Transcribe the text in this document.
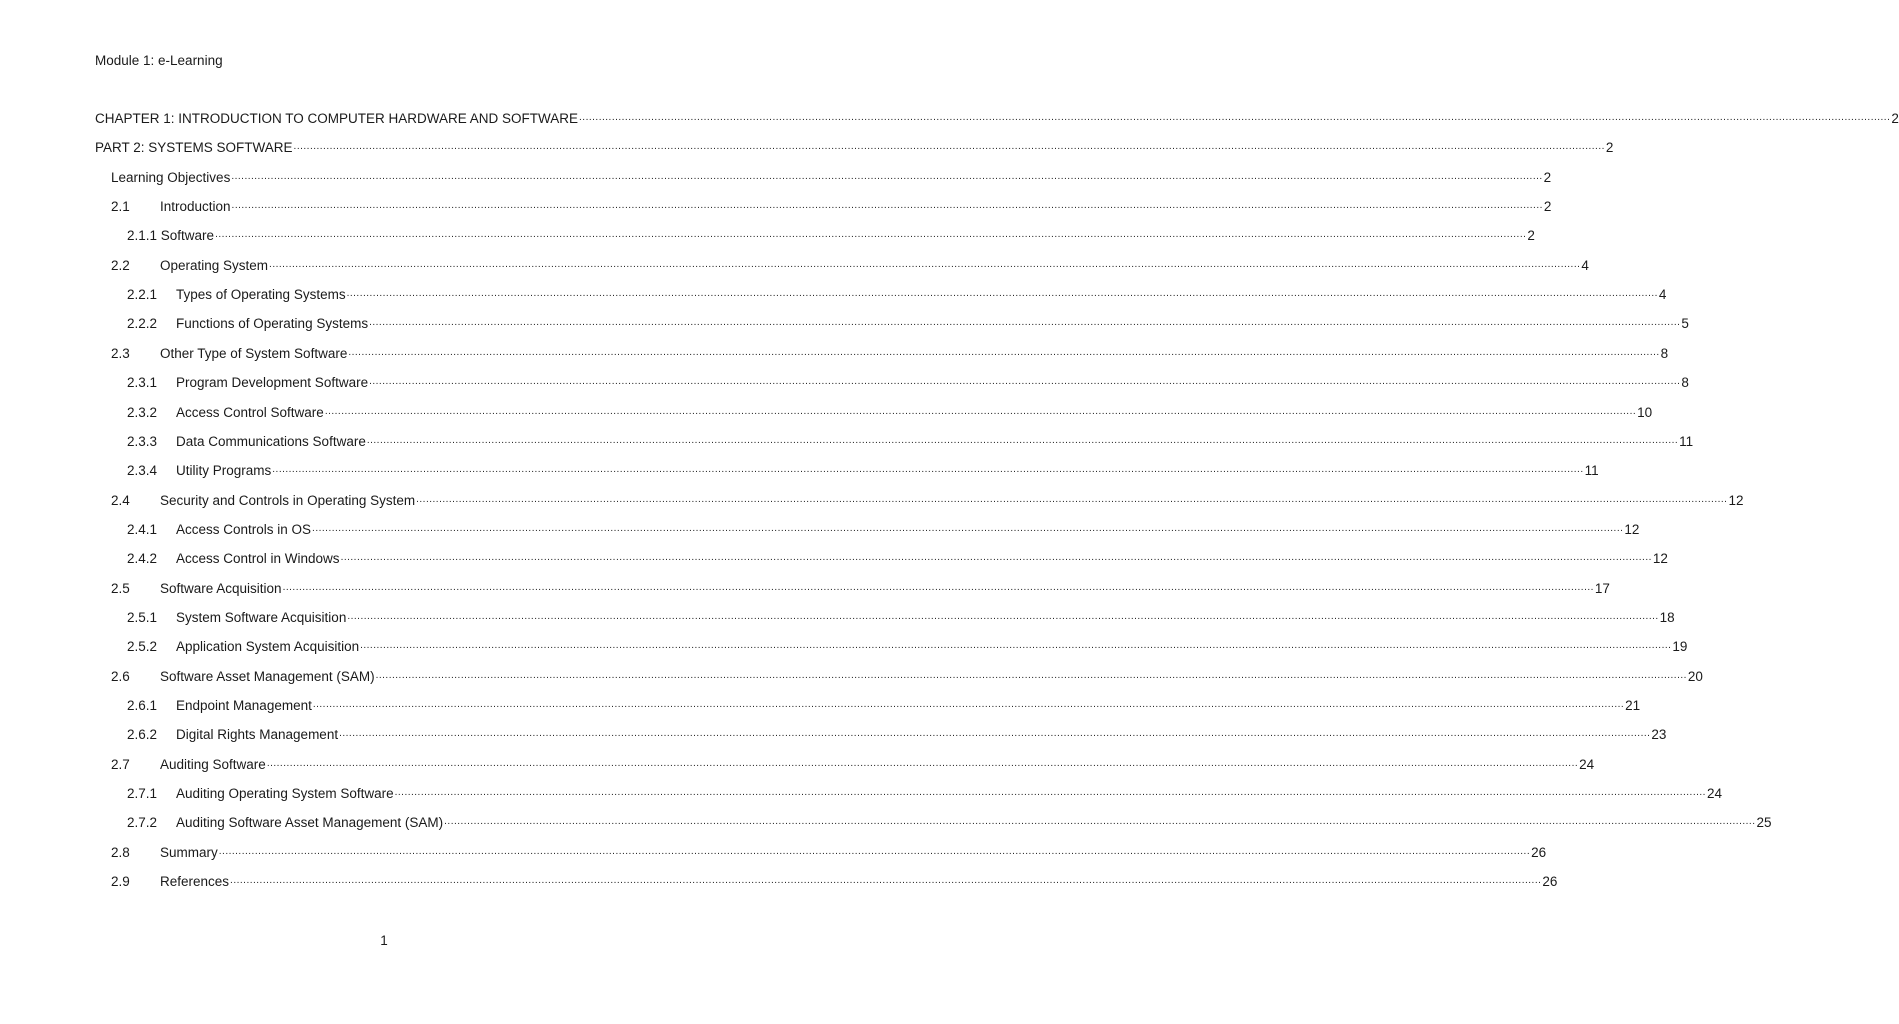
Module 1: e-Learning
CHAPTER 1: INTRODUCTION TO COMPUTER HARDWARE AND SOFTWARE ................................................................................................................................................................................................................................................................................................................................................................................................................ 2
PART 2: SYSTEMS SOFTWARE ................................................................................................................................................................................................................................................................................................................................................................................................................ 2
Learning Objectives ................................................................................................................................................................................................................................................................................................................................................................................................................ 2
2.1	Introduction ................................................................................................................................................................................................................................................................................................................................................................................................................ 2
2.1.1 Software ................................................................................................................................................................................................................................................................................................................................................................................................................ 2
2.2	Operating System ................................................................................................................................................................................................................................................................................................................................................................................................................ 4
2.2.1	Types of Operating Systems ................................................................................................................................................................................................................................................................................................................................................................................................................ 4
2.2.2	Functions of Operating Systems ................................................................................................................................................................................................................................................................................................................................................................................................................ 5
2.3	Other Type of System Software ................................................................................................................................................................................................................................................................................................................................................................................................................ 8
2.3.1	Program Development Software ................................................................................................................................................................................................................................................................................................................................................................................................................ 8
2.3.2	Access Control Software ................................................................................................................................................................................................................................................................................................................................................................................................................ 10
2.3.3	Data Communications Software ................................................................................................................................................................................................................................................................................................................................................................................................................ 11
2.3.4	Utility Programs ................................................................................................................................................................................................................................................................................................................................................................................................................ 11
2.4	Security and Controls in Operating System ................................................................................................................................................................................................................................................................................................................................................................................................................ 12
2.4.1	Access Controls in OS ................................................................................................................................................................................................................................................................................................................................................................................................................ 12
2.4.2	Access Control in Windows ................................................................................................................................................................................................................................................................................................................................................................................................................ 12
2.5	Software Acquisition ................................................................................................................................................................................................................................................................................................................................................................................................................ 17
2.5.1	System Software Acquisition ................................................................................................................................................................................................................................................................................................................................................................................................................ 18
2.5.2	Application System Acquisition ................................................................................................................................................................................................................................................................................................................................................................................................................ 19
2.6	Software Asset Management (SAM) ................................................................................................................................................................................................................................................................................................................................................................................................................ 20
2.6.1	Endpoint Management ................................................................................................................................................................................................................................................................................................................................................................................................................ 21
2.6.2	Digital Rights Management ................................................................................................................................................................................................................................................................................................................................................................................................................ 23
2.7	Auditing Software ................................................................................................................................................................................................................................................................................................................................................................................................................ 24
2.7.1	Auditing Operating System Software ................................................................................................................................................................................................................................................................................................................................................................................................................ 24
2.7.2	Auditing Software Asset Management (SAM) ................................................................................................................................................................................................................................................................................................................................................................................................................ 25
2.8	Summary ................................................................................................................................................................................................................................................................................................................................................................................................................ 26
2.9	References ................................................................................................................................................................................................................................................................................................................................................................................................................ 26
1
